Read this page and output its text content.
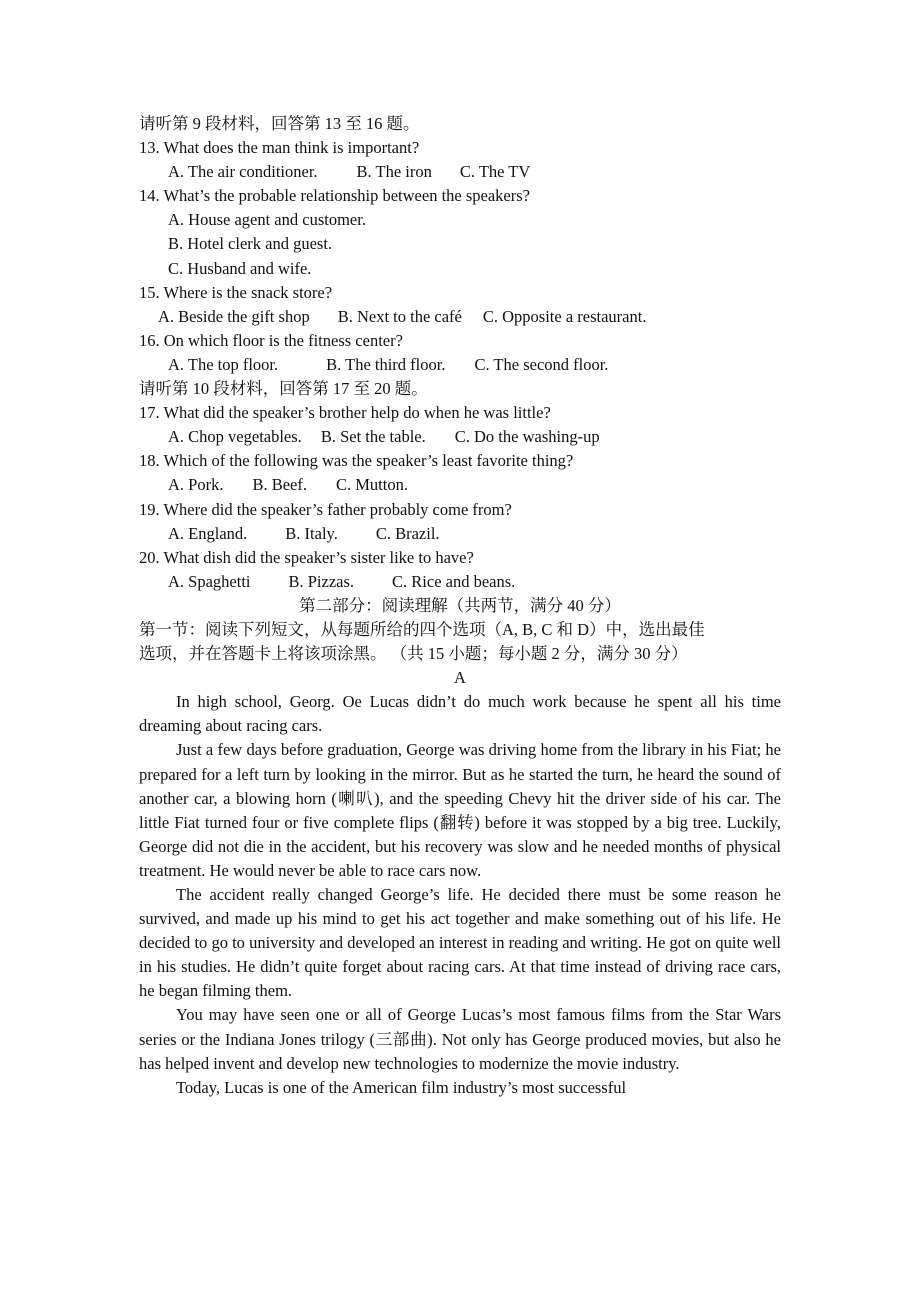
请听第 9 段材料，回答第 13 至 16 题。
13. What does the man think is important?
A. The air conditioner. B. The iron C. The TV
14. What’s the probable relationship between the speakers?
A. House agent and customer.
B. Hotel clerk and guest.
C. Husband and wife.
15. Where is the snack store?
A. Beside the gift shop B. Next to the café C. Opposite a restaurant.
16. On which floor is the fitness center?
A. The top floor.	B. The third floor. C. The second floor.
请听第 10 段材料，回答第 17 至 20 题。
17. What did the speaker’s brother help do when he was little?
A. Chop vegetables. B. Set the table. C. Do the washing-up
18. Which of the following was the speaker’s least favorite thing?
A. Pork. B. Beef. C. Mutton.
19. Where did the speaker’s father probably come from?
A. England. B. Italy. C. Brazil.
20. What dish did the speaker’s sister like to have?
A. Spaghetti B. Pizzas. C. Rice and beans.
第二部分：阅读理解（共两节，满分 40 分）
第一节：阅读下列短文，从每题所给的四个选项（A, B, C 和 D）中，选出最佳
选项，并在答题卡上将该项涂黑。 （共 15 小题；每小题 2 分，满分 30 分）
A

In high school, Georg. Oe Lucas didn’t do much work because he spent all his time dreaming about racing cars.

Just a few days before graduation, George was driving home from the library in his Fiat; he prepared for a left turn by looking in the mirror. But as he started the turn, he heard the sound of another car, a blowing horn (喇叭), and the speeding Chevy hit the driver side of his car. The little Fiat turned four or five complete flips (翻转) before it was stopped by a big tree. Luckily, George did not die in the accident, but his recovery was slow and he needed months of physical treatment. He would never be able to race cars now.

The accident really changed George’s life. He decided there must be some reason he survived, and made up his mind to get his act together and make something out of his life. He decided to go to university and developed an interest in reading and writing. He got on quite well in his studies. He didn’t quite forget about racing cars. At that time instead of driving race cars, he began filming them.

You may have seen one or all of George Lucas’s most famous films from the Star Wars series or the Indiana Jones trilogy (三部曲). Not only has George produced movies, but also he has helped invent and develop new technologies to modernize the movie industry.

Today, Lucas is one of the American film industry’s most successful
